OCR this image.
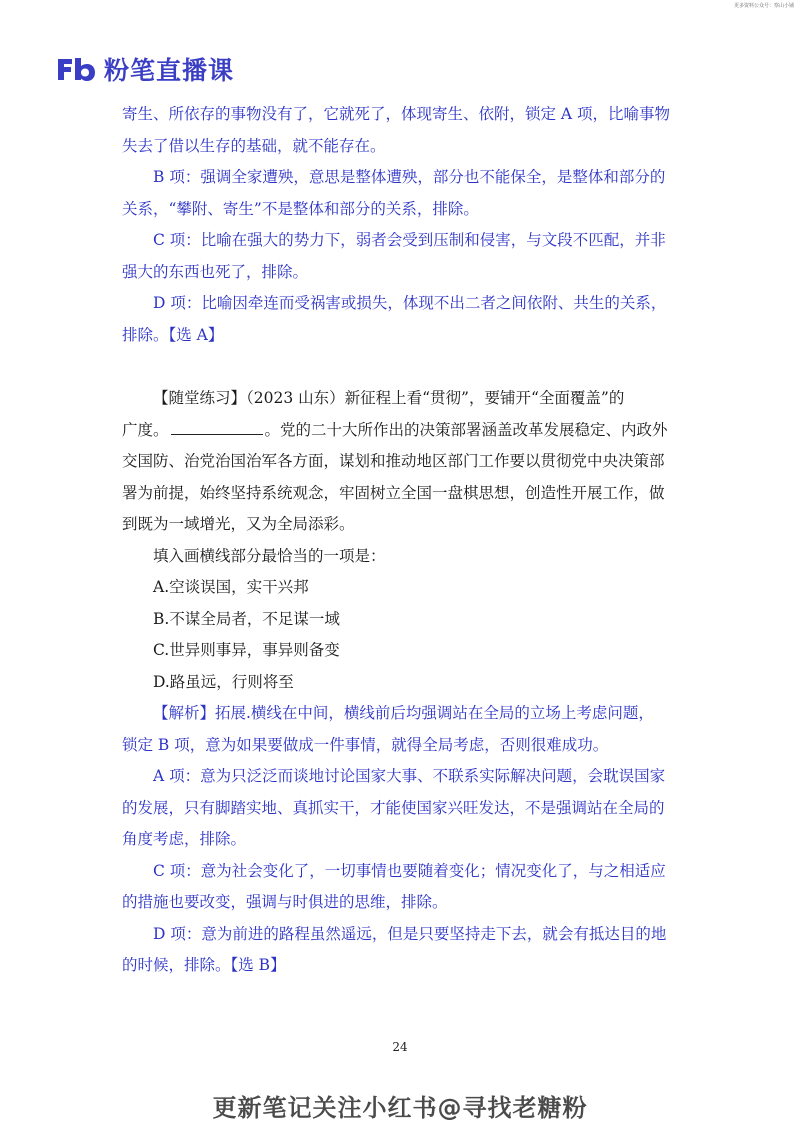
更多资料公众号：察山小铺
粉笔直播课

寄生、所依存的事物没有了，它就死了，体现寄生、依附，锁定 A 项，比喻事物

失去了借以生存的基础，就不能存在。

B 项：强调全家遭殃，意思是整体遭殃，部分也不能保全，是整体和部分的

关系，“攀附、寄生”不是整体和部分的关系，排除。

C 项：比喻在强大的势力下，弱者会受到压制和侵害，与文段不匹配，并非

强大的东西也死了，排除。

D 项：比喻因牵连而受祸害或损失，体现不出二者之间依附、共生的关系，

排除。【选 A】

【随堂练习】（2023 山东）新征程上看“贯彻”，要铺开“全面覆盖”的

广度。	。党的二十大所作出的决策部署涵盖改革发展稳定、内政外

交国防、治党治国治军各方面，谋划和推动地区部门工作要以贯彻党中央决策部

署为前提，始终坚持系统观念，牢固树立全国一盘棋思想，创造性开展工作，做

到既为一域增光，又为全局添彩。

填入画横线部分最恰当的一项是：

A.空谈误国，实干兴邦

B.不谋全局者，不足谋一域

C.世异则事异，事异则备变

D.路虽远，行则将至

【解析】拓展.横线在中间，横线前后均强调站在全局的立场上考虑问题，

锁定 B 项，意为如果要做成一件事情，就得全局考虑，否则很难成功。

A 项：意为只泛泛而谈地讨论国家大事、不联系实际解决问题，会耽误国家

的发展，只有脚踏实地、真抓实干，才能使国家兴旺发达，不是强调站在全局的

角度考虑，排除。

C 项：意为社会变化了，一切事情也要随着变化；情况变化了，与之相适应

的措施也要改变，强调与时俱进的思维，排除。

D 项：意为前进的路程虽然遥远，但是只要坚持走下去，就会有抵达目的地

的时候，排除。【选 B】

24
更新笔记关注小红书@寻找老糖粉
